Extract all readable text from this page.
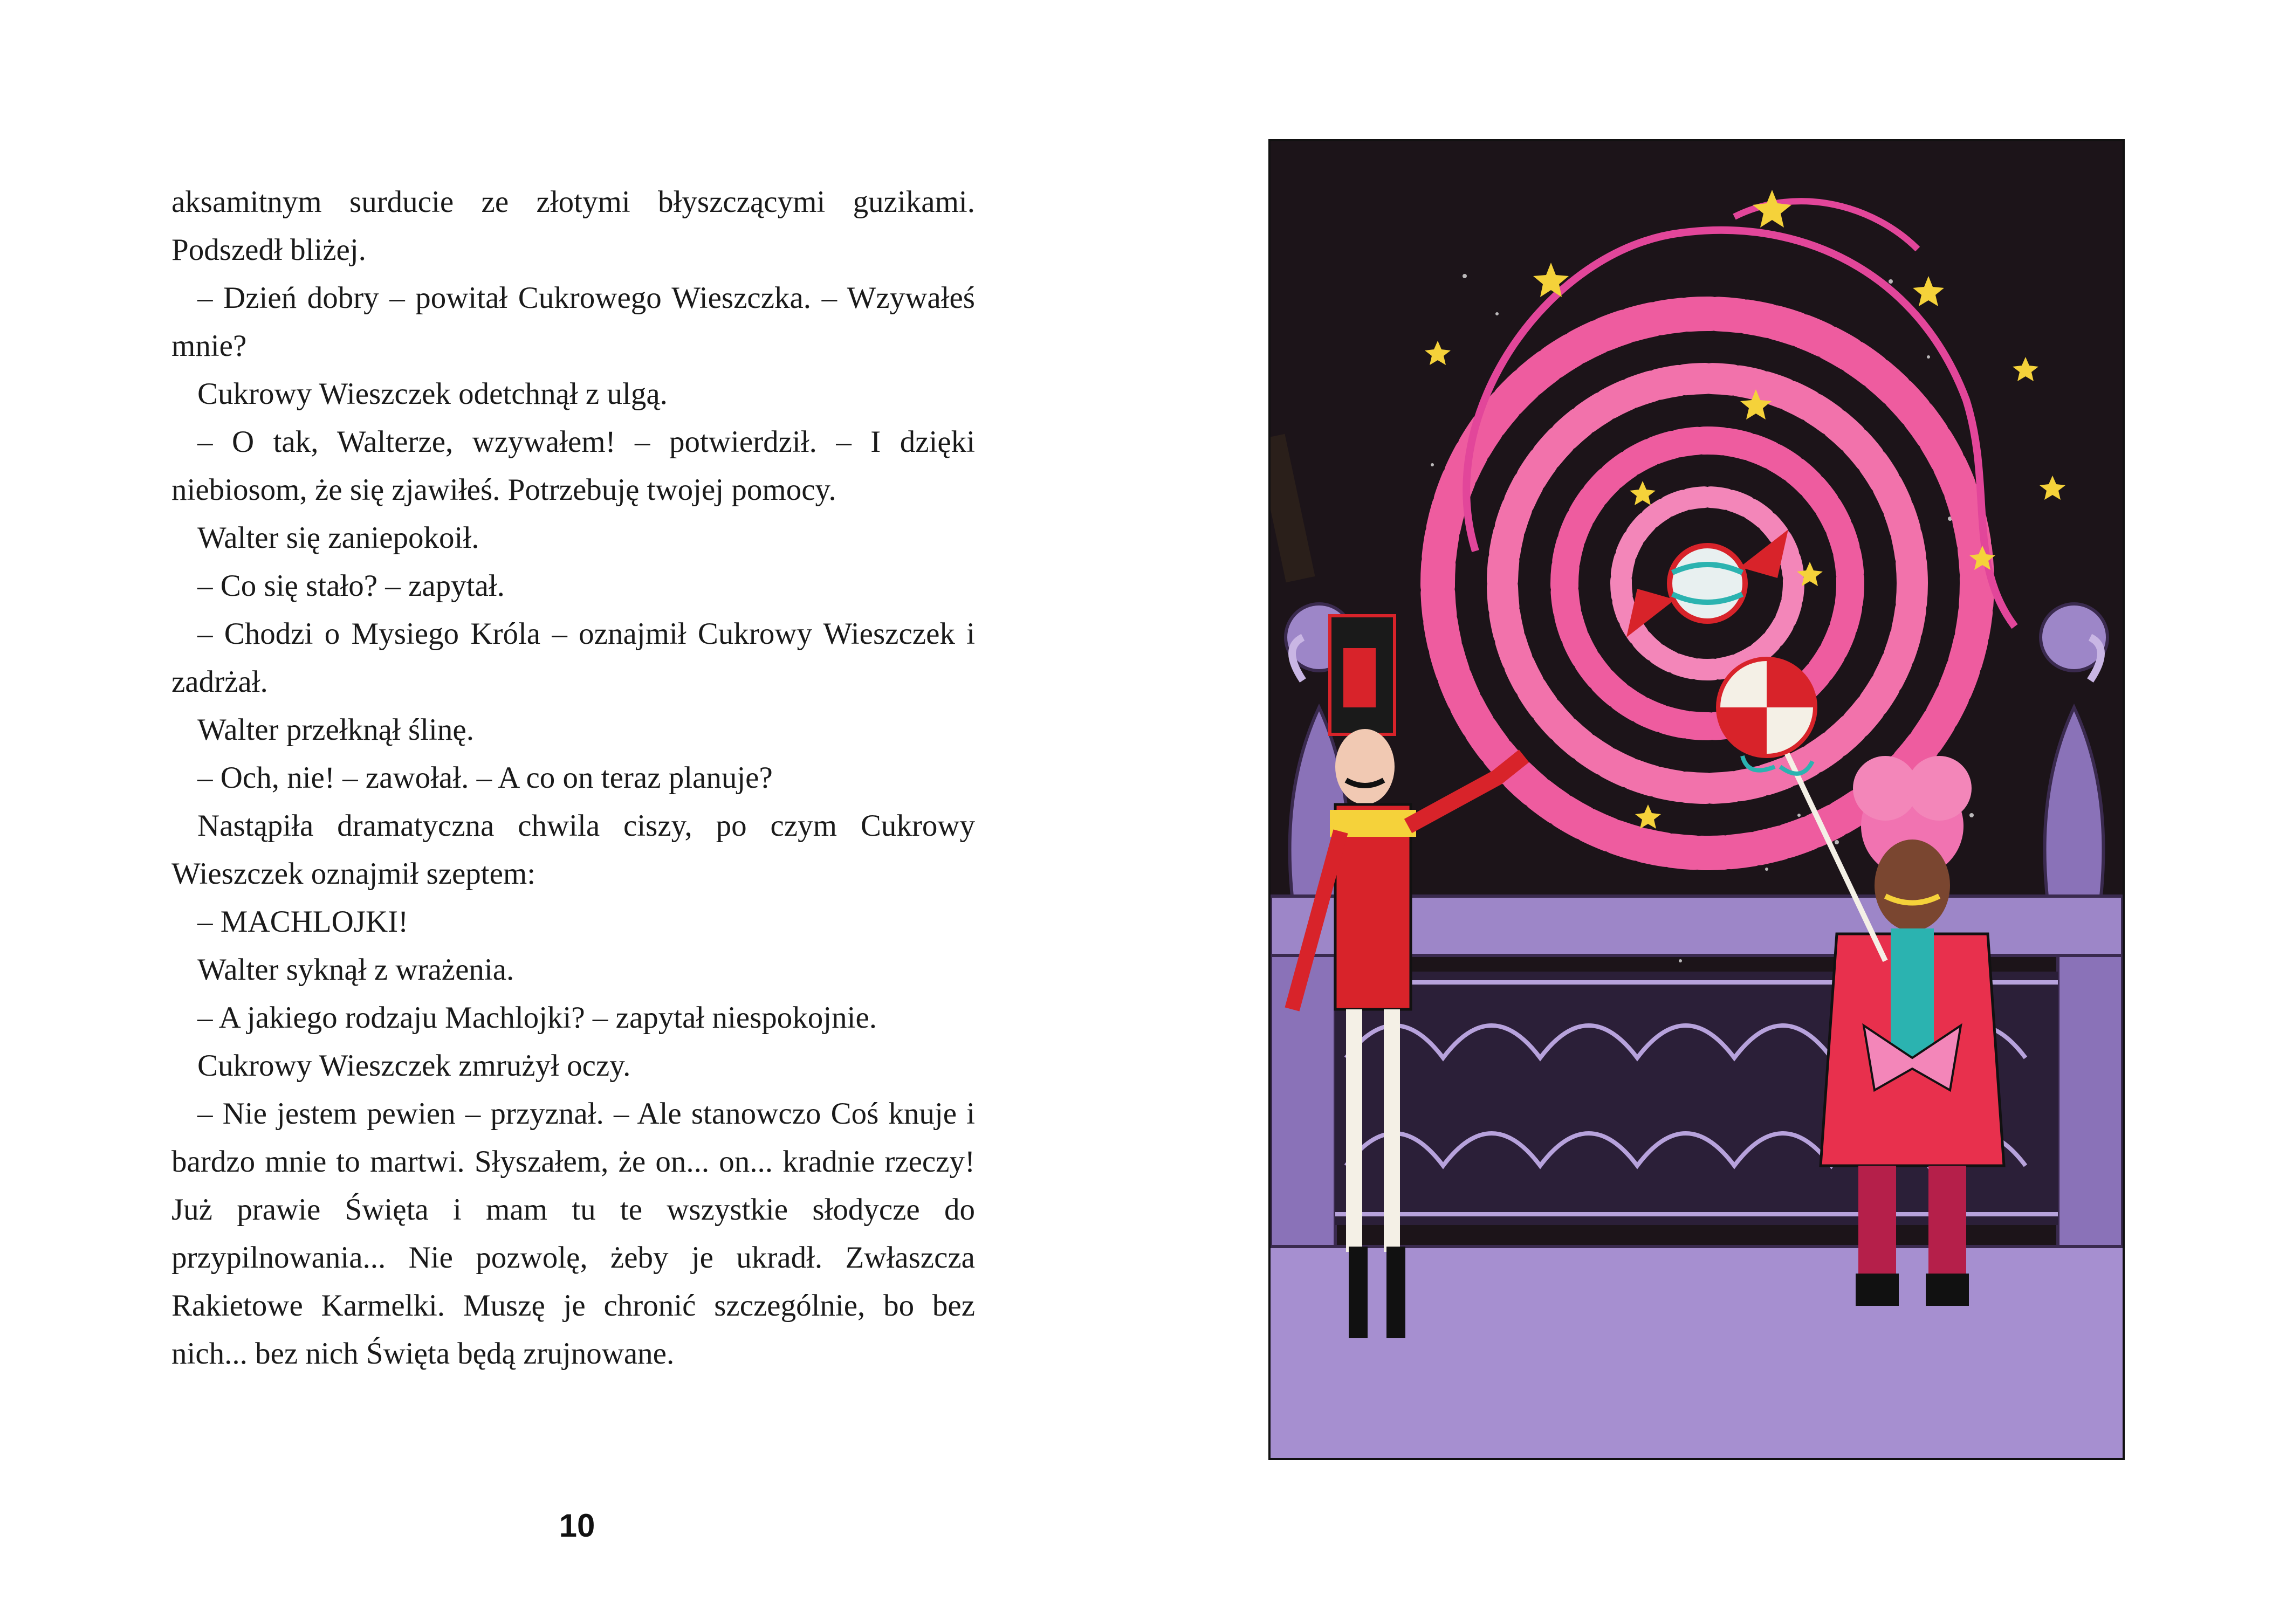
aksamitnym surducie ze złotymi błyszczącymi guzikami. Podszedł bliżej.

– Dzień dobry – powitał Cukrowego Wieszczka. – Wzywałeś mnie?

Cukrowy Wieszczek odetchnął z ulgą.

– O tak, Walterze, wzywałem! – potwierdził. – I dzięki niebiosom, że się zjawiłeś. Potrzebuję twojej pomocy.

Walter się zaniepokoił.

– Co się stało? – zapytał.

– Chodzi o Mysiego Króla – oznajmił Cukrowy Wieszczek i zadrżał.

Walter przełknął ślinę.

– Och, nie! – zawołał. – A co on teraz planuje?

Nastąpiła dramatyczna chwila ciszy, po czym Cukrowy Wieszczek oznajmił szeptem:

– MACHLOJKI!

Walter syknął z wrażenia.

– A jakiego rodzaju Machlojki? – zapytał niespokojnie.

Cukrowy Wieszczek zmrużył oczy.

– Nie jestem pewien – przyznał. – Ale stanowczo Coś knuje i bardzo mnie to martwi. Słyszałem, że on... on... kradnie rzeczy! Już prawie Święta i mam tu te wszystkie słodycze do przypilnowania... Nie pozwolę, żeby je ukradł. Zwłaszcza Rakietowe Karmelki. Muszę je chronić szczególnie, bo bez nich... bez nich Święta będą zrujnowane.

10
